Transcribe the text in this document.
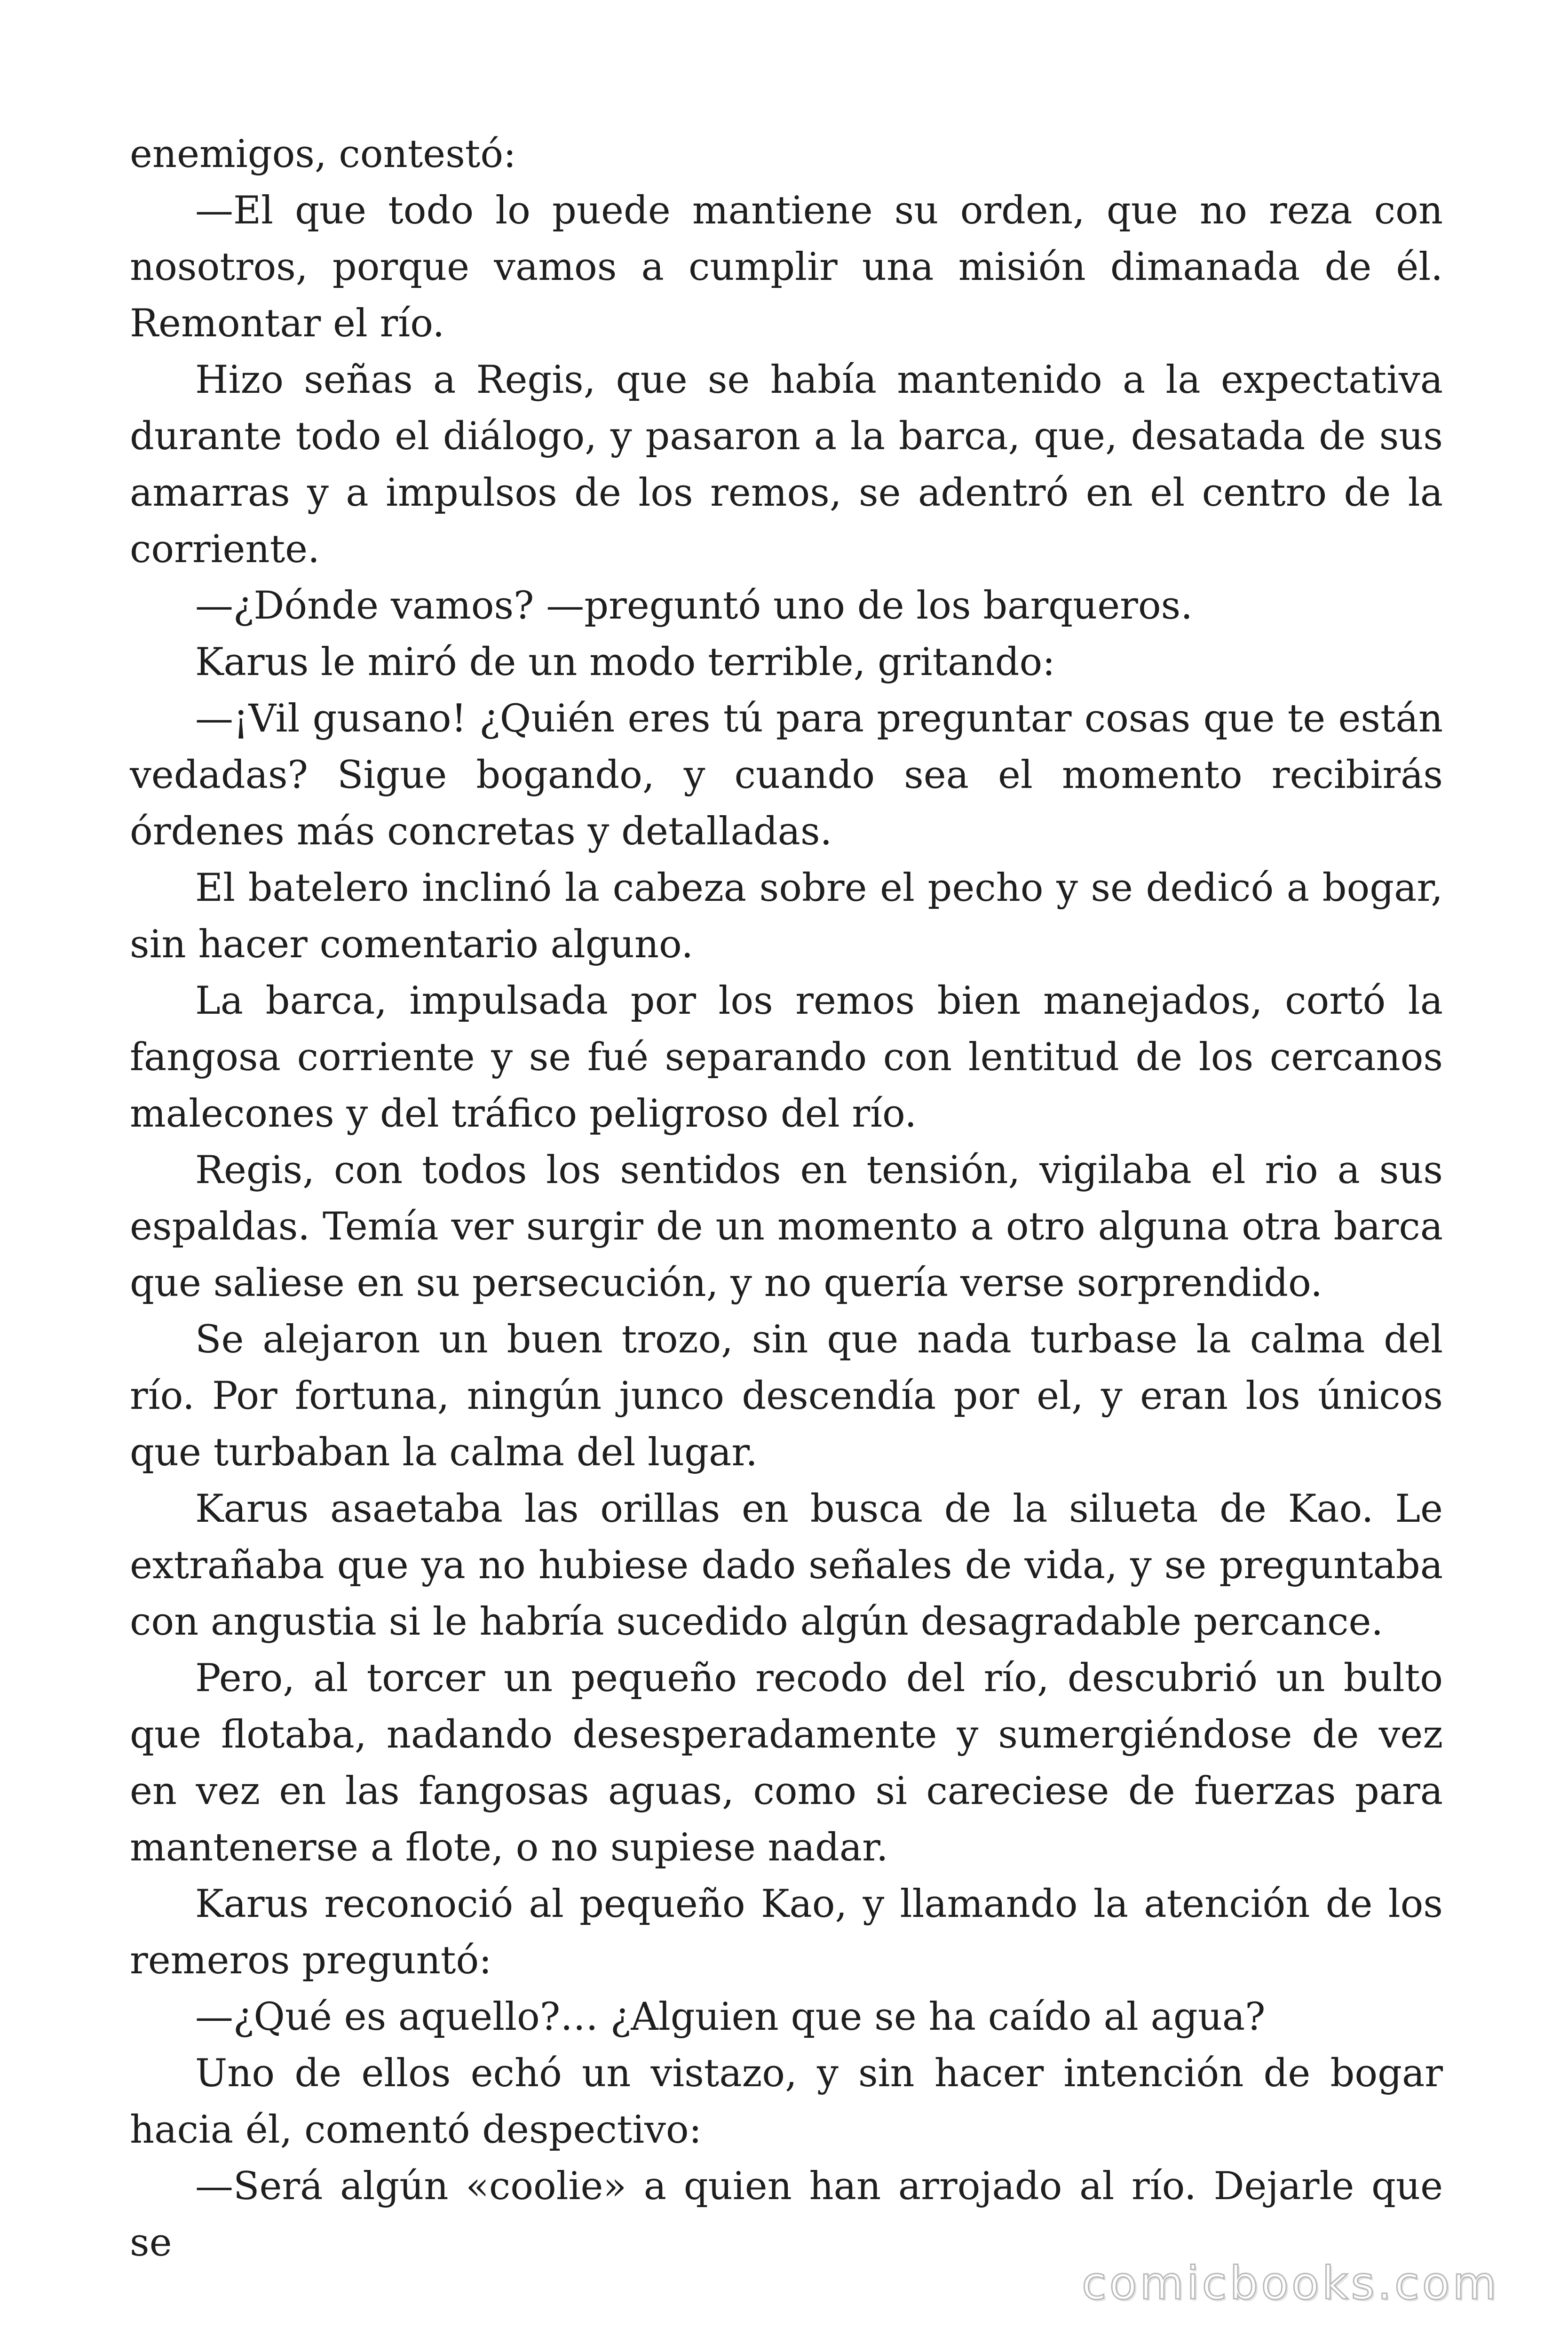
enemigos, contestó:

—El que todo lo puede mantiene su orden, que no reza con nosotros, porque vamos a cumplir una misión dimanada de él. Remontar el río.

Hizo señas a Regis, que se había mantenido a la expectativa durante todo el diálogo, y pasaron a la barca, que, desatada de sus amarras y a impulsos de los remos, se adentró en el centro de la corriente.

—¿Dónde vamos? —preguntó uno de los barqueros.

Karus le miró de un modo terrible, gritando:

—¡Vil gusano! ¿Quién eres tú para preguntar cosas que te están vedadas? Sigue bogando, y cuando sea el momento recibirás órdenes más concretas y detalladas.

El batelero inclinó la cabeza sobre el pecho y se dedicó a bogar, sin hacer comentario alguno.

La barca, impulsada por los remos bien manejados, cortó la fangosa corriente y se fué separando con lentitud de los cercanos malecones y del tráfico peligroso del río.

Regis, con todos los sentidos en tensión, vigilaba el rio a sus espaldas. Temía ver surgir de un momento a otro alguna otra barca que saliese en su persecución, y no quería verse sorprendido.

Se alejaron un buen trozo, sin que nada turbase la calma del río. Por fortuna, ningún junco descendía por el, y eran los únicos que turbaban la calma del lugar.

Karus asaetaba las orillas en busca de la silueta de Kao. Le extrañaba que ya no hubiese dado señales de vida, y se preguntaba con angustia si le habría sucedido algún desagradable percance.

Pero, al torcer un pequeño recodo del río, descubrió un bulto que flotaba, nadando desesperadamente y sumergiéndose de vez en vez en las fangosas aguas, como si careciese de fuerzas para mantenerse a flote, o no supiese nadar.

Karus reconoció al pequeño Kao, y llamando la atención de los remeros preguntó:

—¿Qué es aquello?… ¿Alguien que se ha caído al agua?

Uno de ellos echó un vistazo, y sin hacer intención de bogar hacia él, comentó despectivo:

—Será algún «coolie» a quien han arrojado al río. Dejarle que se

comicbooks.com
